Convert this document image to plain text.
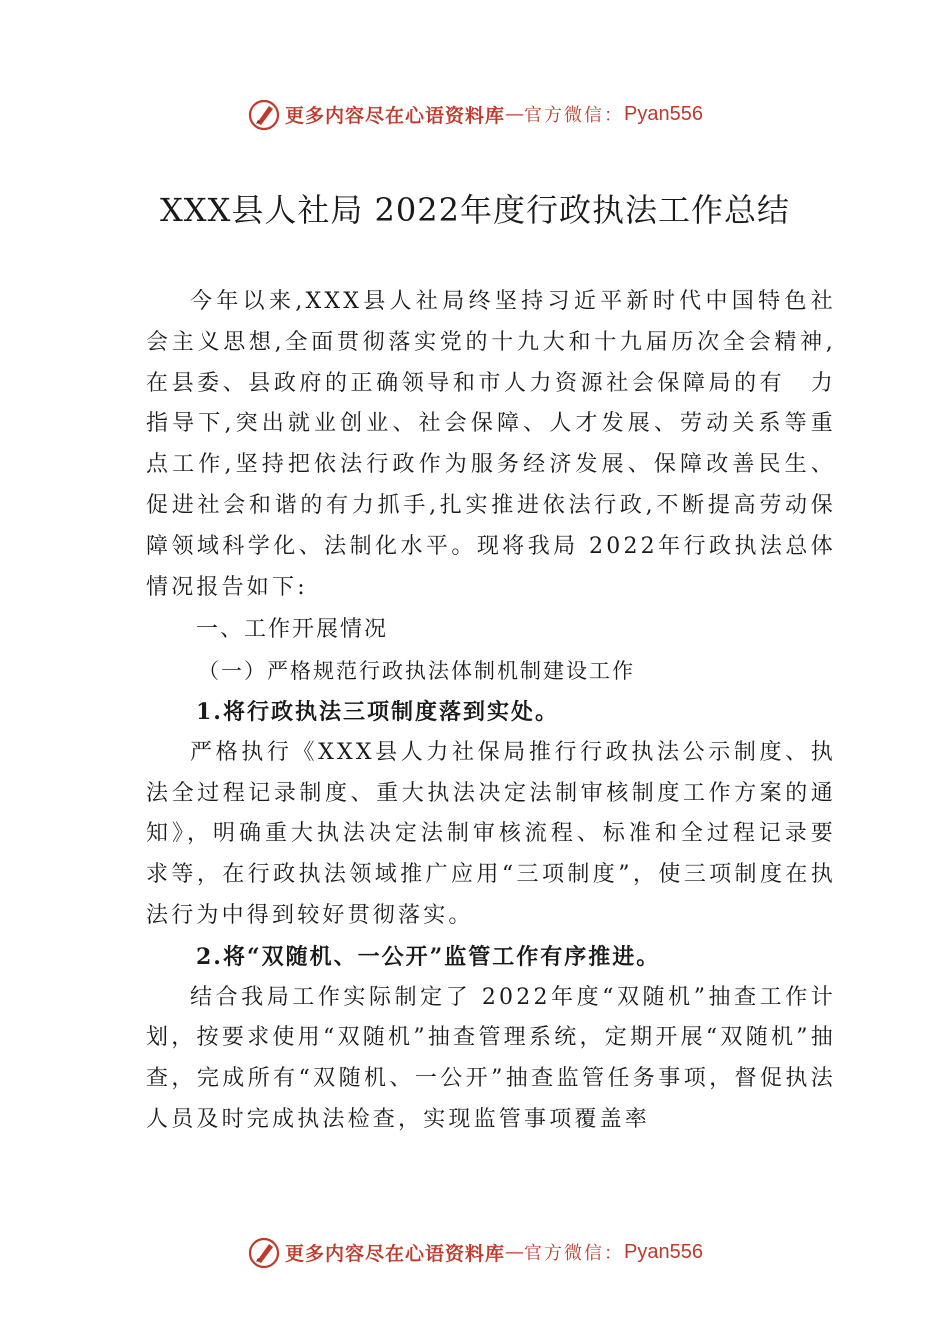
更多内容尽在心语资料库 — 官方微信： Pyan556
XXX县人社局 2022年度行政执法工作总结

今年以来,XXX县人社局终坚持习近平新时代中国特色社会主义思想,全面贯彻落实党的十九大和十九届历次全会精神,在县委、县政府的正确领导和市人力资源社会保障局的有　力指导下,突出就业创业、社会保障、人才发展、劳动关系等重点工作,坚持把依法行政作为服务经济发展、保障改善民生、促进社会和谐的有力抓手,扎实推进依法行政,不断提高劳动保障领域科学化、法制化水平。现将我局 2022年行政执法总体情况报告如下:

一、工作开展情况

（一）严格规范行政执法体制机制建设工作

1.将行政执法三项制度落到实处。

严格执行《XXX县人力社保局推行行政执法公示制度、执法全过程记录制度、重大执法决定法制审核制度工作方案的通知》，明确重大执法决定法制审核流程、标准和全过程记录要求等，在行政执法领域推广应用“三项制度”，使三项制度在执法行为中得到较好贯彻落实。

2.将“双随机、一公开”监管工作有序推进。

结合我局工作实际制定了 2022年度“双随机”抽查工作计划，按要求使用“双随机”抽查管理系统，定期开展“双随机”抽查，完成所有“双随机、一公开”抽查监管任务事项，督促执法人员及时完成执法检查，实现监管事项覆盖率

更多内容尽在心语资料库 — 官方微信： Pyan556
